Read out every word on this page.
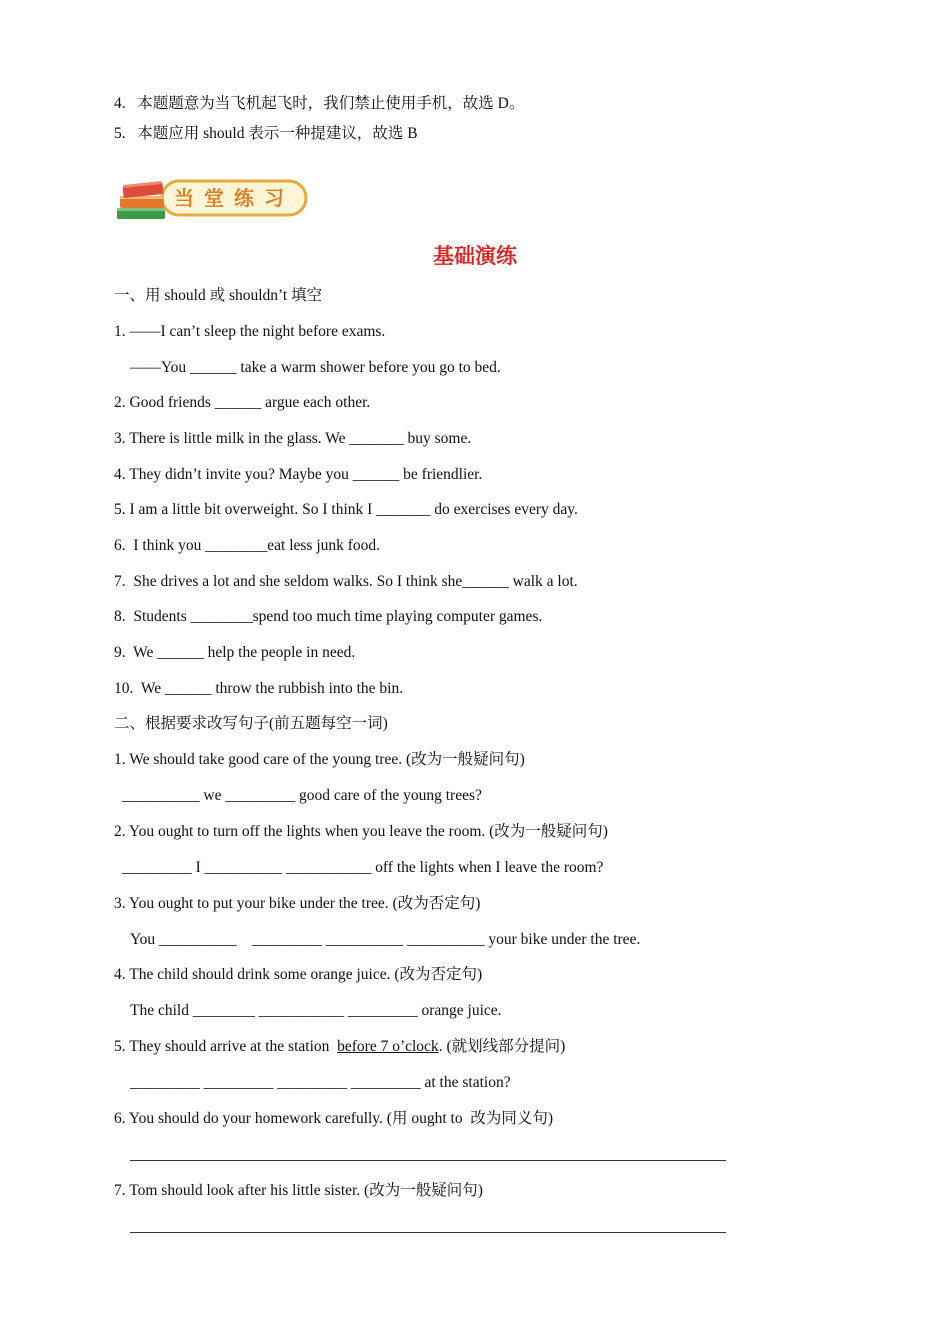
4. 本题题意为当飞机起飞时，我们禁止使用手机，故选 D。
5. 本题应用 should 表示一种提建议，故选 B
当堂练习
基础演练
一、用 should 或 shouldn’t 填空
1. ——I can’t sleep the night before exams.
——You ______ take a warm shower before you go to bed.
2. Good friends ______ argue each other.
3. There is little milk in the glass. We _______ buy some.
4. They didn’t invite you? Maybe you ______ be friendlier.
5. I am a little bit overweight. So I think I _______ do exercises every day.
6.  I think you ________eat less junk food.
7.  She drives a lot and she seldom walks. So I think she______ walk a lot.
8.  Students ________spend too much time playing computer games.
9.  We ______ help the people in need.
10.  We ______ throw the rubbish into the bin.
二、根据要求改写句子(前五题每空一词)
1. We should take good care of the young tree. (改为一般疑问句)
__________ we _________ good care of the young trees?
2. You ought to turn off the lights when you leave the room. (改为一般疑问句)
_________ I __________ ___________ off the lights when I leave the room?
3. You ought to put your bike under the tree. (改为否定句)
You __________    _________ __________ __________ your bike under the tree.
4. The child should drink some orange juice. (改为否定句)
The child ________ ___________ _________ orange juice.
5. They should arrive at the station  before 7 o’clock. (就划线部分提问)
_________ _________ _________ _________ at the station?
6. You should do your homework carefully. (用 ought to  改为同义句)
7. Tom should look after his little sister. (改为一般疑问句)
